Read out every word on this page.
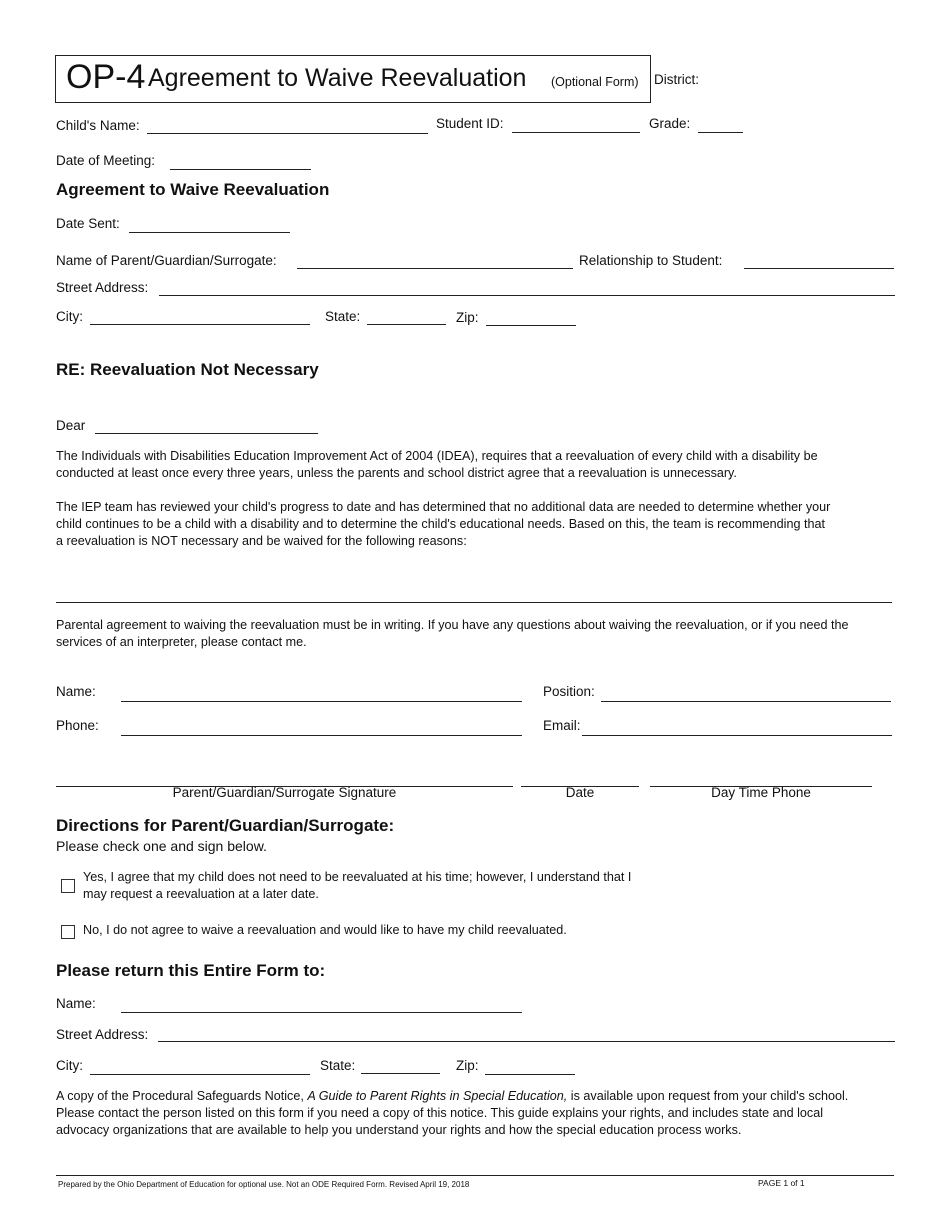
OP-4 Agreement to Waive Reevaluation (Optional Form) District:
Child's Name:	Student ID:	Grade:
Date of Meeting:
Agreement to Waive Reevaluation
Date Sent:
Name of Parent/Guardian/Surrogate:	Relationship to Student:
Street Address:
City:	State:	Zip:
RE: Reevaluation Not Necessary
Dear
The Individuals with Disabilities Education Improvement Act of 2004 (IDEA), requires that a reevaluation of every child with a disability be
conducted at least once every three years, unless the parents and school district agree that a reevaluation is unnecessary.
The IEP team has reviewed your child's progress to date and has determined that no additional data are needed to determine whether your
child continues to be a child with a disability and to determine the child's educational needs. Based on this, the team is recommending that
a reevaluation is NOT necessary and be waived for the following reasons:
Parental agreement to waiving the reevaluation must be in writing. If you have any questions about waiving the reevaluation, or if you need the
services of an interpreter, please contact me.
Name:	Position:
Phone:	Email:
Parent/Guardian/Surrogate Signature	Date	Day Time Phone
Directions for Parent/Guardian/Surrogate:
Please check one and sign below.
Yes, I agree that my child does not need to be reevaluated at his time; however, I understand that I
may request a reevaluation at a later date.
No, I do not agree to waive a reevaluation and would like to have my child reevaluated.
Please return this Entire Form to:
Name:
Street Address:
City:	State:	Zip:
A copy of the Procedural Safeguards Notice, A Guide to Parent Rights in Special Education, is available upon request from your child's school.
Please contact the person listed on this form if you need a copy of this notice. This guide explains your rights, and includes state and local
advocacy organizations that are available to help you understand your rights and how the special education process works.
Prepared by the Ohio Department of Education for optional use. Not an ODE Required Form. Revised April 19, 2018	PAGE 1 of 1
